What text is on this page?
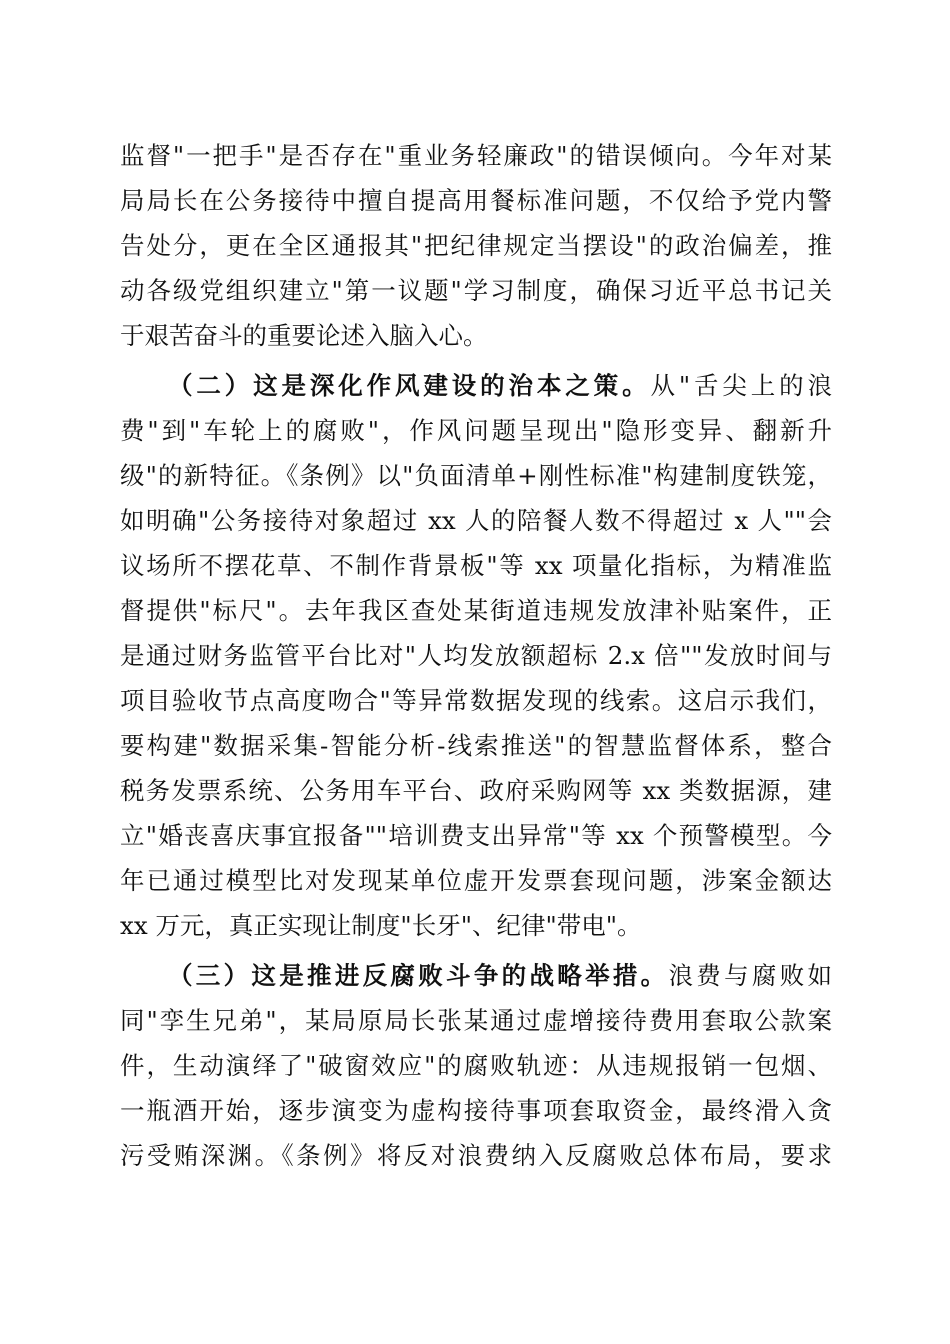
监督"一把手"是否存在"重业务轻廉政"的错误倾向。今年对某
局局长在公务接待中擅自提高用餐标准问题，不仅给予党内警
告处分，更在全区通报其"把纪律规定当摆设"的政治偏差，推
动各级党组织建立"第一议题"学习制度，确保习近平总书记关
于艰苦奋斗的重要论述入脑入心。
（二）这是深化作风建设的治本之策。从"舌尖上的浪
费"到"车轮上的腐败"，作风问题呈现出"隐形变异、翻新升
级"的新特征。《条例》以"负面清单+刚性标准"构建制度铁笼，
如明确"公务接待对象超过 xx 人的陪餐人数不得超过 x 人""会
议场所不摆花草、不制作背景板"等 xx 项量化指标，为精准监
督提供"标尺"。去年我区查处某街道违规发放津补贴案件，正
是通过财务监管平台比对"人均发放额超标 2.x 倍""发放时间与
项目验收节点高度吻合"等异常数据发现的线索。这启示我们，
要构建"数据采集-智能分析-线索推送"的智慧监督体系，整合
税务发票系统、公务用车平台、政府采购网等 xx 类数据源，建
立"婚丧喜庆事宜报备""培训费支出异常"等 xx 个预警模型。今
年已通过模型比对发现某单位虚开发票套现问题，涉案金额达
xx 万元，真正实现让制度"长牙"、纪律"带电"。
（三）这是推进反腐败斗争的战略举措。浪费与腐败如
同"孪生兄弟"，某局原局长张某通过虚增接待费用套取公款案
件，生动演绎了"破窗效应"的腐败轨迹：从违规报销一包烟、
一瓶酒开始，逐步演变为虚构接待事项套取资金，最终滑入贪
污受贿深渊。《条例》将反对浪费纳入反腐败总体布局，要求
